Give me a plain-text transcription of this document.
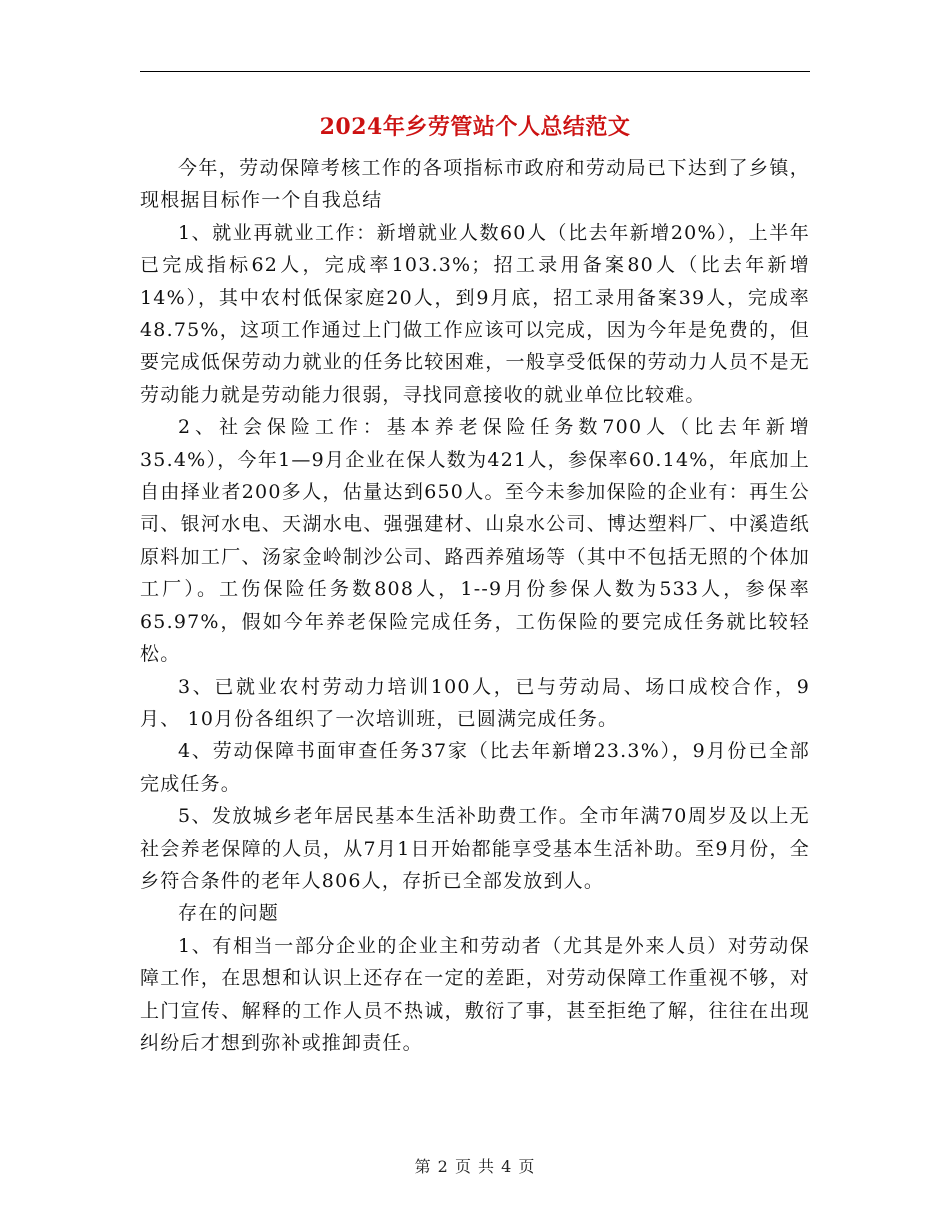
2024年乡劳管站个人总结范文

今年，劳动保障考核工作的各项指标市政府和劳动局已下达到了乡镇，现根据目标作一个自我总结

1、就业再就业工作：新增就业人数60人（比去年新增20%），上半年已完成指标62人，完成率103.3%；招工录用备案80人（比去年新增14%），其中农村低保家庭20人，到9月底，招工录用备案39人，完成率48.75%，这项工作通过上门做工作应该可以完成，因为今年是免费的，但要完成低保劳动力就业的任务比较困难，一般享受低保的劳动力人员不是无劳动能力就是劳动能力很弱，寻找同意接收的就业单位比较难。

2、社会保险工作：基本养老保险任务数700人（比去年新增35.4%），今年1—9月企业在保人数为421人，参保率60.14%，年底加上自由择业者200多人，估量达到650人。至今未参加保险的企业有：再生公司、银河水电、天湖水电、强强建材、山泉水公司、博达塑料厂、中溪造纸原料加工厂、汤家金岭制沙公司、路西养殖场等（其中不包括无照的个体加工厂）。工伤保险任务数808人，1--9月份参保人数为533人，参保率65.97%，假如今年养老保险完成任务，工伤保险的要完成任务就比较轻松。

3、已就业农村劳动力培训100人，已与劳动局、场口成校合作，9月、 10月份各组织了一次培训班，已圆满完成任务。

4、劳动保障书面审查任务37家（比去年新增23.3%），9月份已全部完成任务。

5、发放城乡老年居民基本生活补助费工作。全市年满70周岁及以上无社会养老保障的人员，从7月1日开始都能享受基本生活补助。至9月份，全乡符合条件的老年人806人，存折已全部发放到人。

存在的问题

1、有相当一部分企业的企业主和劳动者（尤其是外来人员）对劳动保障工作，在思想和认识上还存在一定的差距，对劳动保障工作重视不够，对上门宣传、解释的工作人员不热诚，敷衍了事，甚至拒绝了解，往往在出现纠纷后才想到弥补或推卸责任。

第 2 页 共 4 页
